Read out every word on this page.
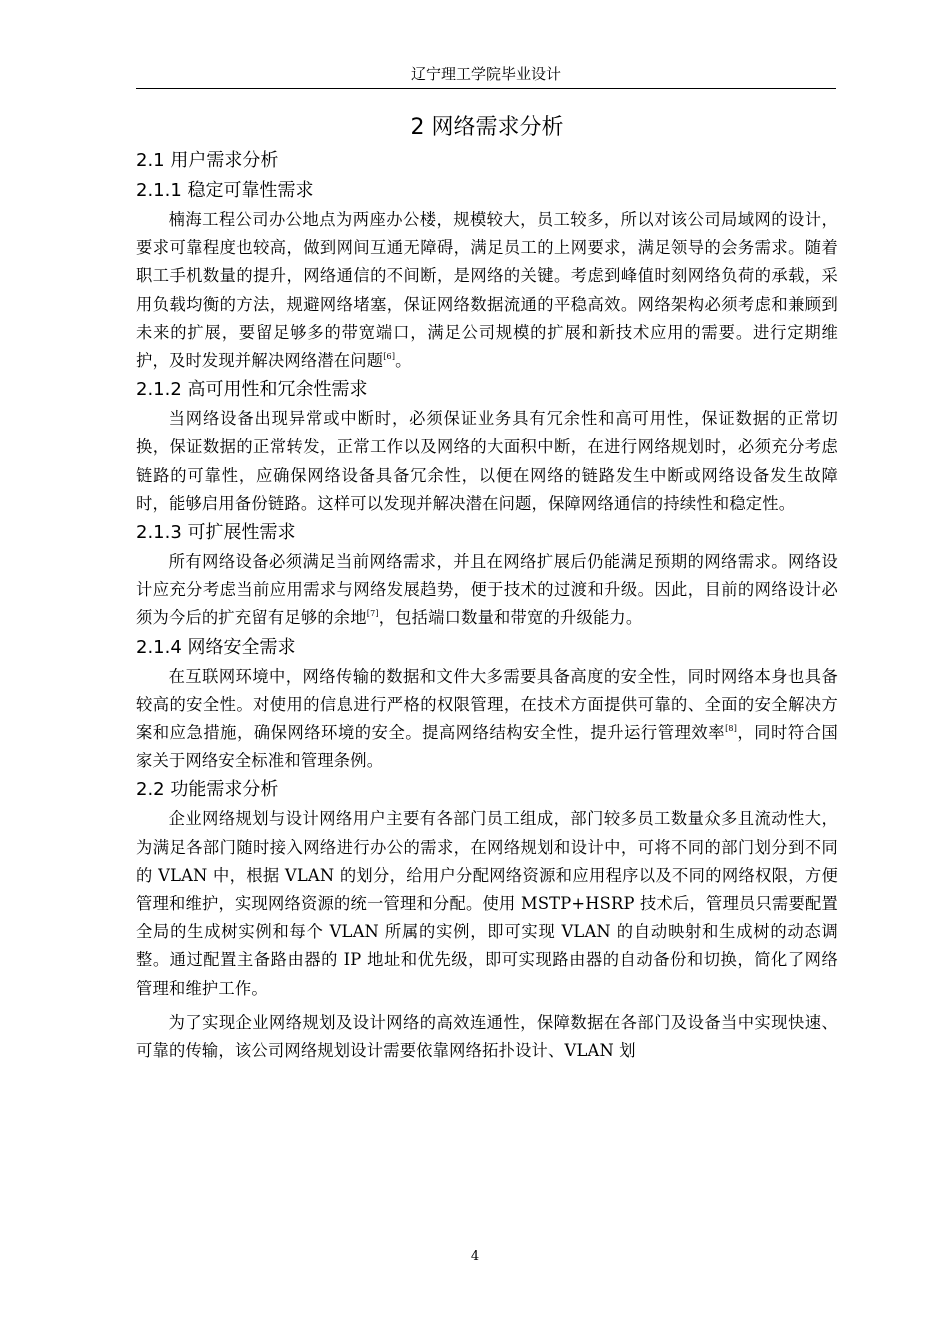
辽宁理工学院毕业设计
2 网络需求分析
2.1 用户需求分析
2.1.1 稳定可靠性需求

楠海工程公司办公地点为两座办公楼，规模较大，员工较多，所以对该公司局域网的设计，要求可靠程度也较高，做到网间互通无障碍，满足员工的上网要求，满足领导的会务需求。随着职工手机数量的提升，网络通信的不间断，是网络的关键。考虑到峰值时刻网络负荷的承载，采用负载均衡的方法，规避网络堵塞，保证网络数据流通的平稳高效。网络架构必须考虑和兼顾到未来的扩展，要留足够多的带宽端口，满足公司规模的扩展和新技术应用的需要。进行定期维护，及时发现并解决网络潜在问题[6]。

2.1.2 高可用性和冗余性需求

当网络设备出现异常或中断时，必须保证业务具有冗余性和高可用性，保证数据的正常切换，保证数据的正常转发，正常工作以及网络的大面积中断，在进行网络规划时，必须充分考虑链路的可靠性，应确保网络设备具备冗余性，以便在网络的链路发生中断或网络设备发生故障时，能够启用备份链路。这样可以发现并解决潜在问题，保障网络通信的持续性和稳定性。

2.1.3 可扩展性需求

所有网络设备必须满足当前网络需求，并且在网络扩展后仍能满足预期的网络需求。网络设计应充分考虑当前应用需求与网络发展趋势，便于技术的过渡和升级。因此，目前的网络设计必须为今后的扩充留有足够的余地[7]，包括端口数量和带宽的升级能力。

2.1.4 网络安全需求

在互联网环境中，网络传输的数据和文件大多需要具备高度的安全性，同时网络本身也具备较高的安全性。对使用的信息进行严格的权限管理，在技术方面提供可靠的、全面的安全解决方案和应急措施，确保网络环境的安全。提高网络结构安全性，提升运行管理效率[8]，同时符合国家关于网络安全标准和管理条例。

2.2 功能需求分析

企业网络规划与设计网络用户主要有各部门员工组成，部门较多员工数量众多且流动性大，为满足各部门随时接入网络进行办公的需求，在网络规划和设计中，可将不同的部门划分到不同的 VLAN 中，根据 VLAN 的划分，给用户分配网络资源和应用程序以及不同的网络权限，方便管理和维护，实现网络资源的统一管理和分配。使用 MSTP+HSRP 技术后，管理员只需要配置全局的生成树实例和每个 VLAN 所属的实例，即可实现 VLAN 的自动映射和生成树的动态调整。通过配置主备路由器的 IP 地址和优先级，即可实现路由器的自动备份和切换，简化了网络管理和维护工作。

为了实现企业网络规划及设计网络的高效连通性，保障数据在各部门及设备当中实现快速、可靠的传输，该公司网络规划设计需要依靠网络拓扑设计、VLAN 划

4
